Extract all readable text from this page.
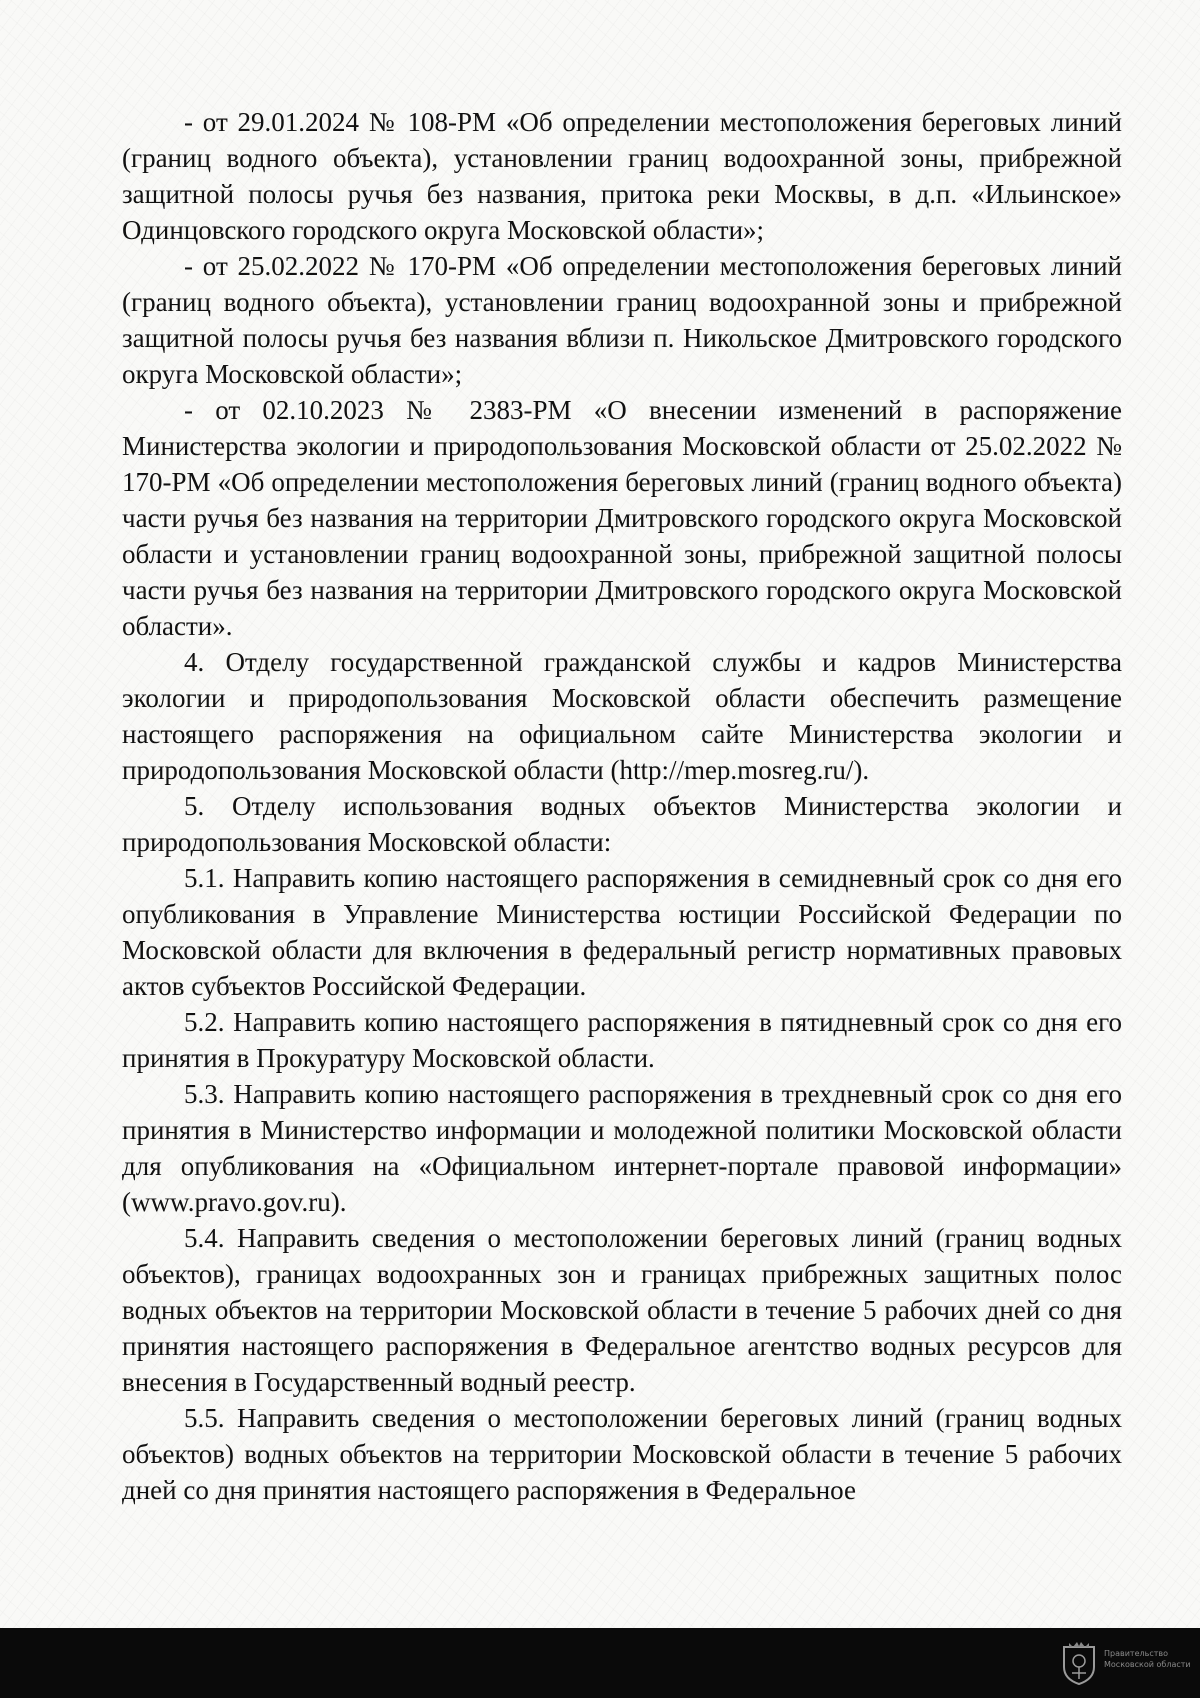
- от 29.01.2024 № 108-РМ «Об определении местоположения береговых линий (границ водного объекта), установлении границ водоохранной зоны, прибрежной защитной полосы ручья без названия, притока реки Москвы, в д.п. «Ильинское» Одинцовского городского округа Московской области»;

- от 25.02.2022 № 170-РМ «Об определении местоположения береговых линий (границ водного объекта), установлении границ водоохранной зоны и прибрежной защитной полосы ручья без названия вблизи п. Никольское Дмитровского городского округа Московской области»;

- от 02.10.2023 № 2383-РМ «О внесении изменений в распоряжение Министерства экологии и природопользования Московской области от 25.02.2022 № 170-РМ «Об определении местоположения береговых линий (границ водного объекта) части ручья без названия на территории Дмитровского городского округа Московской области и установлении границ водоохранной зоны, прибрежной защитной полосы части ручья без названия на территории Дмитровского городского округа Московской области».

4. Отделу государственной гражданской службы и кадров Министерства экологии и природопользования Московской области обеспечить размещение настоящего распоряжения на официальном сайте Министерства экологии и природопользования Московской области (http://mep.mosreg.ru/).

5. Отделу использования водных объектов Министерства экологии и природопользования Московской области:

5.1. Направить копию настоящего распоряжения в семидневный срок со дня его опубликования в Управление Министерства юстиции Российской Федерации по Московской области для включения в федеральный регистр нормативных правовых актов субъектов Российской Федерации.

5.2. Направить копию настоящего распоряжения в пятидневный срок со дня его принятия в Прокуратуру Московской области.

5.3. Направить копию настоящего распоряжения в трехдневный срок со дня его принятия в Министерство информации и молодежной политики Московской области для опубликования на «Официальном интернет-портале правовой информации» (www.pravo.gov.ru).

5.4. Направить сведения о местоположении береговых линий (границ водных объектов), границах водоохранных зон и границах прибрежных защитных полос водных объектов на территории Московской области в течение 5 рабочих дней со дня принятия настоящего распоряжения в Федеральное агентство водных ресурсов для внесения в Государственный водный реестр.

5.5. Направить сведения о местоположении береговых линий (границ водных объектов) водных объектов на территории Московской области в течение 5 рабочих дней со дня принятия настоящего распоряжения в Федеральное

Правительство
Московской области
